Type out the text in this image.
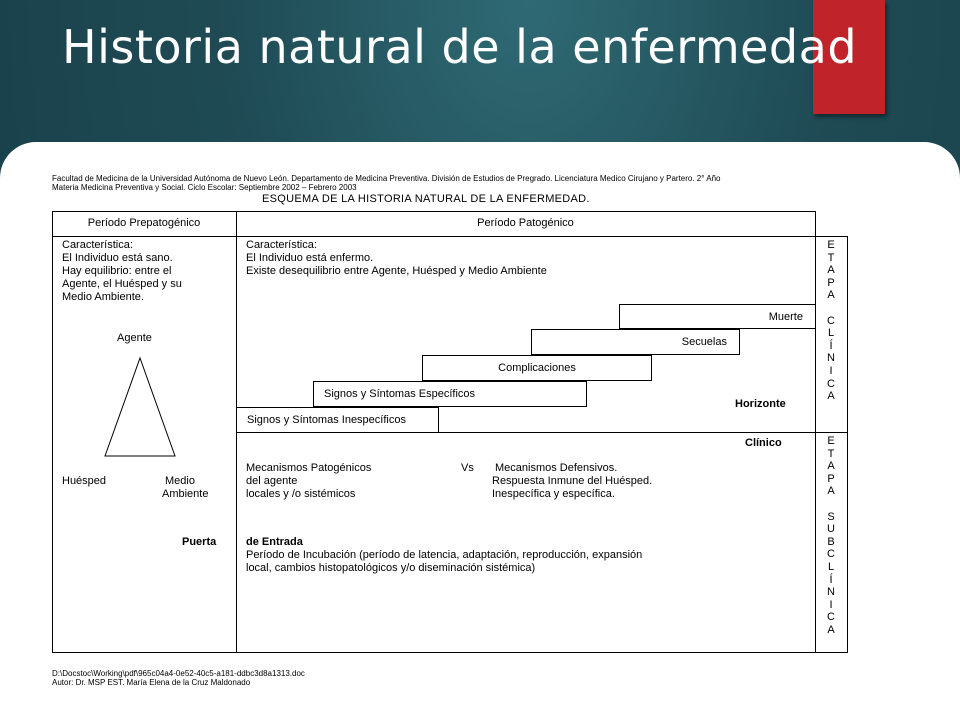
Historia natural de la enfermedad
Facultad de Medicina de la Universidad Autónoma de Nuevo León. Departamento de Medicina Preventiva. División de Estudios de Pregrado. Licenciatura Medico Cirujano y Partero. 2° Año
Materia Medicina Preventiva y Social. Ciclo Escolar: Septiembre 2002 – Febrero 2003
ESQUEMA DE LA HISTORIA NATURAL DE LA ENFERMEDAD.
Período Prepatogénico	Período Patogénico
Característica:
El Individuo está sano.
Hay equilibrio: entre el
Agente, el Huésped y su
Medio Ambiente.
Agente
Huésped	Medio
Ambiente
Puerta
Característica:
El Individuo está enfermo.
Existe desequilibrio entre Agente, Huésped y Medio Ambiente
Muerte
Secuelas
Complicaciones
Signos y Síntomas Específicos
Signos y Síntomas Inespecíficos
Horizonte
Clínico
Mecanismos Patogénicos	Vs Mecanismos Defensivos.
del agente	Respuesta Inmune del Huésped.
locales y /o sistémicos	Inespecífica y específica.
de Entrada
Período de Incubación (período de latencia, adaptación, reproducción, expansión
local, cambios histopatológicos y/o diseminación sistémica)
E
T
A
P
A

C
L
Í
N
I
C
A
E
T
A
P
A

S
U
B
C
L
Í
N
I
C
A
D:\Docstoc\Working\pdf\965c04a4-0e52-40c5-a181-ddbc3d8a1313.doc
Autor: Dr. MSP EST. María Elena de la Cruz Maldonado
